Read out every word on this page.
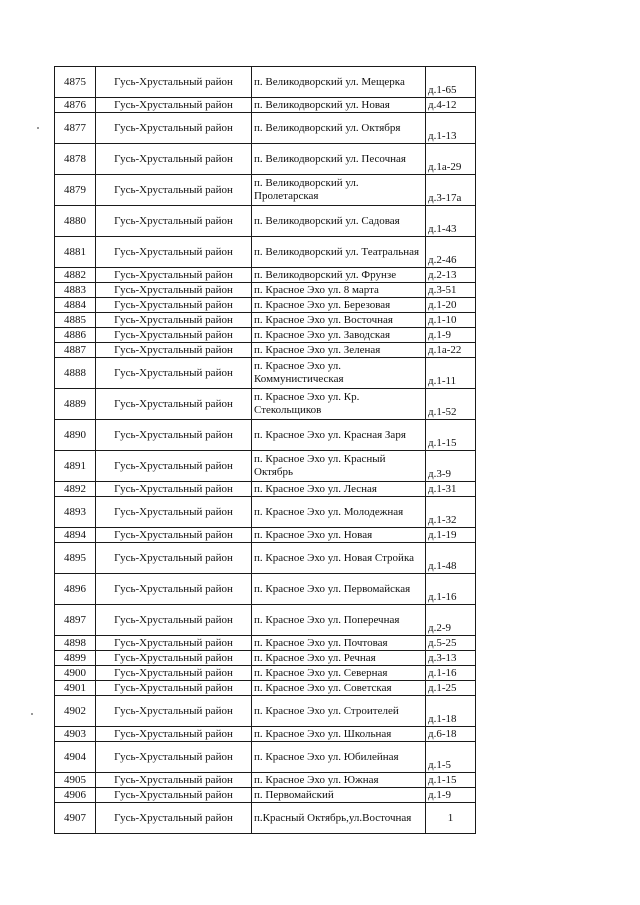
4875	Гусь-Хрустальный район	п. Великодворский ул. Мещерка	д.1-65
4876	Гусь-Хрустальный район	п. Великодворский ул. Новая	д.4-12
4877	Гусь-Хрустальный район	п. Великодворский ул. Октября	д.1-13
4878	Гусь-Хрустальный район	п. Великодворский ул. Песочная	д.1а-29
4879	Гусь-Хрустальный район	п. Великодворский ул. Пролетарская	д.3-17а
4880	Гусь-Хрустальный район	п. Великодворский ул. Садовая	д.1-43
4881	Гусь-Хрустальный район	п. Великодворский ул. Театральная	д.2-46
4882	Гусь-Хрустальный район	п. Великодворский ул. Фрунзе	д.2-13
4883	Гусь-Хрустальный район	п. Красное Эхо ул. 8 марта	д.3-51
4884	Гусь-Хрустальный район	п. Красное Эхо ул. Березовая	д.1-20
4885	Гусь-Хрустальный район	п. Красное Эхо ул. Восточная	д.1-10
4886	Гусь-Хрустальный район	п. Красное Эхо ул. Заводская	д.1-9
4887	Гусь-Хрустальный район	п. Красное Эхо ул. Зеленая	д.1а-22
4888	Гусь-Хрустальный район	п. Красное Эхо ул. Коммунистическая	д.1-11
4889	Гусь-Хрустальный район	п. Красное Эхо ул. Кр. Стекольщиков	д.1-52
4890	Гусь-Хрустальный район	п. Красное Эхо ул. Красная Заря	д.1-15
4891	Гусь-Хрустальный район	п. Красное Эхо ул. Красный Октябрь	д.3-9
4892	Гусь-Хрустальный район	п. Красное Эхо ул. Лесная	д.1-31
4893	Гусь-Хрустальный район	п. Красное Эхо ул. Молодежная	д.1-32
4894	Гусь-Хрустальный район	п. Красное Эхо ул. Новая	д.1-19
4895	Гусь-Хрустальный район	п. Красное Эхо ул. Новая Стройка	д.1-48
4896	Гусь-Хрустальный район	п. Красное Эхо ул. Первомайская	д.1-16
4897	Гусь-Хрустальный район	п. Красное Эхо ул. Поперечная	д.2-9
4898	Гусь-Хрустальный район	п. Красное Эхо ул. Почтовая	д.5-25
4899	Гусь-Хрустальный район	п. Красное Эхо ул. Речная	д.3-13
4900	Гусь-Хрустальный район	п. Красное Эхо ул. Северная	д.1-16
4901	Гусь-Хрустальный район	п. Красное Эхо ул. Советская	д.1-25
4902	Гусь-Хрустальный район	п. Красное Эхо ул. Строителей	д.1-18
4903	Гусь-Хрустальный район	п. Красное Эхо ул. Школьная	д.6-18
4904	Гусь-Хрустальный район	п. Красное Эхо ул. Юбилейная	д.1-5
4905	Гусь-Хрустальный район	п. Красное Эхо ул. Южная	д.1-15
4906	Гусь-Хрустальный район	п. Первомайский	д.1-9
4907	Гусь-Хрустальный район	п.Красный Октябрь,ул.Восточная	1
